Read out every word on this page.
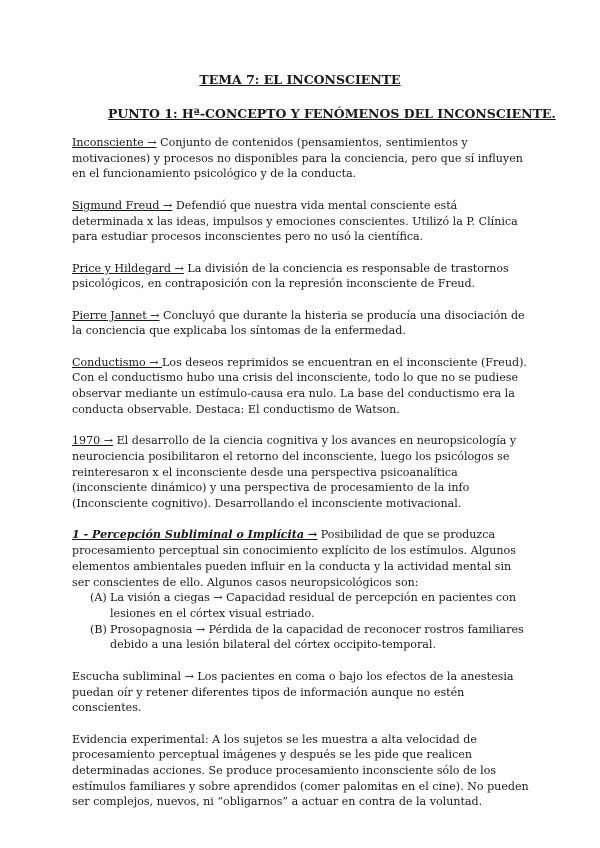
TEMA 7: EL INCONSCIENTE
PUNTO 1: Hª-CONCEPTO Y FENÓMENOS DEL INCONSCIENTE.

Inconsciente → Conjunto de contenidos (pensamientos, sentimientos y motivaciones) y procesos no disponibles para la conciencia, pero que sí influyen en el funcionamiento psicológico y de la conducta.

Sigmund Freud → Defendió que nuestra vida mental consciente está determinada x las ideas, impulsos y emociones conscientes. Utilizó la P. Clínica para estudiar procesos inconscientes pero no usó la científica.

Price y Hildegard → La división de la conciencia es responsable de trastornos psicológicos, en contraposición con la represión inconsciente de Freud.

Pierre Jannet → Concluyó que durante la histeria se producía una disociación de la conciencia que explicaba los síntomas de la enfermedad.

Conductismo → Los deseos reprimidos se encuentran en el inconsciente (Freud). Con el conductismo hubo una crisis del inconsciente, todo lo que no se pudiese observar mediante un estímulo-causa era nulo. La base del conductismo era la conducta observable. Destaca: El conductismo de Watson.

1970 → El desarrollo de la ciencia cognitiva y los avances en neuropsicología y neurociencia posibilitaron el retorno del inconsciente, luego los psicólogos se reinteresaron x el inconsciente desde una perspectiva psicoanalítica (inconsciente dinámico) y una perspectiva de procesamiento de la info (Inconsciente cognitivo). Desarrollando el inconsciente motivacional.

1 - Percepción Subliminal o Implícita → Posibilidad de que se produzca procesamiento perceptual sin conocimiento explícito de los estímulos. Algunos elementos ambientales pueden influir en la conducta y la actividad mental sin ser conscientes de ello. Algunos casos neuropsicológicos son:

(A) La visión a ciegas → Capacidad residual de percepción en pacientes con lesiones en el córtex visual estriado.
(B) Prosopagnosia → Pérdida de la capacidad de reconocer rostros familiares debido a una lesión bilateral del córtex occipito-temporal.

Escucha subliminal → Los pacientes en coma o bajo los efectos de la anestesia puedan oír y retener diferentes tipos de información aunque no estén conscientes.

Evidencia experimental: A los sujetos se les muestra a alta velocidad de procesamiento perceptual imágenes y después se les pide que realicen determinadas acciones. Se produce procesamiento inconsciente sólo de los estímulos familiares y sobre aprendidos (comer palomitas en el cine). No pueden ser complejos, nuevos, ni “obligarnos” a actuar en contra de la voluntad.
